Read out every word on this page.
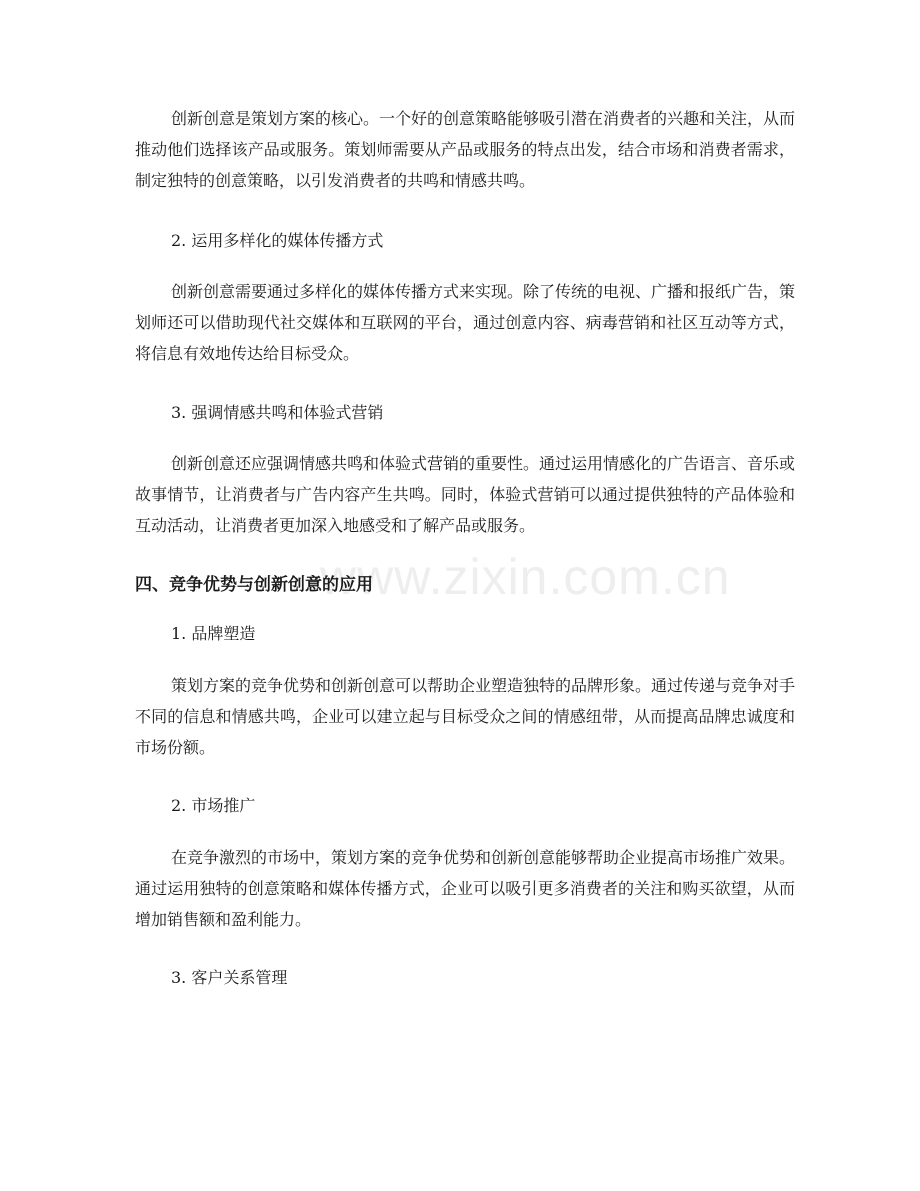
www.zixin.com.cn

创新创意是策划方案的核心。一个好的创意策略能够吸引潜在消费者的兴趣和关注，从而推动他们选择该产品或服务。策划师需要从产品或服务的特点出发，结合市场和消费者需求，制定独特的创意策略，以引发消费者的共鸣和情感共鸣。

2. 运用多样化的媒体传播方式

创新创意需要通过多样化的媒体传播方式来实现。除了传统的电视、广播和报纸广告，策划师还可以借助现代社交媒体和互联网的平台，通过创意内容、病毒营销和社区互动等方式，将信息有效地传达给目标受众。

3. 强调情感共鸣和体验式营销

创新创意还应强调情感共鸣和体验式营销的重要性。通过运用情感化的广告语言、音乐或故事情节，让消费者与广告内容产生共鸣。同时，体验式营销可以通过提供独特的产品体验和互动活动，让消费者更加深入地感受和了解产品或服务。

四、竞争优势与创新创意的应用

1. 品牌塑造

策划方案的竞争优势和创新创意可以帮助企业塑造独特的品牌形象。通过传递与竞争对手不同的信息和情感共鸣，企业可以建立起与目标受众之间的情感纽带，从而提高品牌忠诚度和市场份额。

2. 市场推广

在竞争激烈的市场中，策划方案的竞争优势和创新创意能够帮助企业提高市场推广效果。通过运用独特的创意策略和媒体传播方式，企业可以吸引更多消费者的关注和购买欲望，从而增加销售额和盈利能力。

3. 客户关系管理
